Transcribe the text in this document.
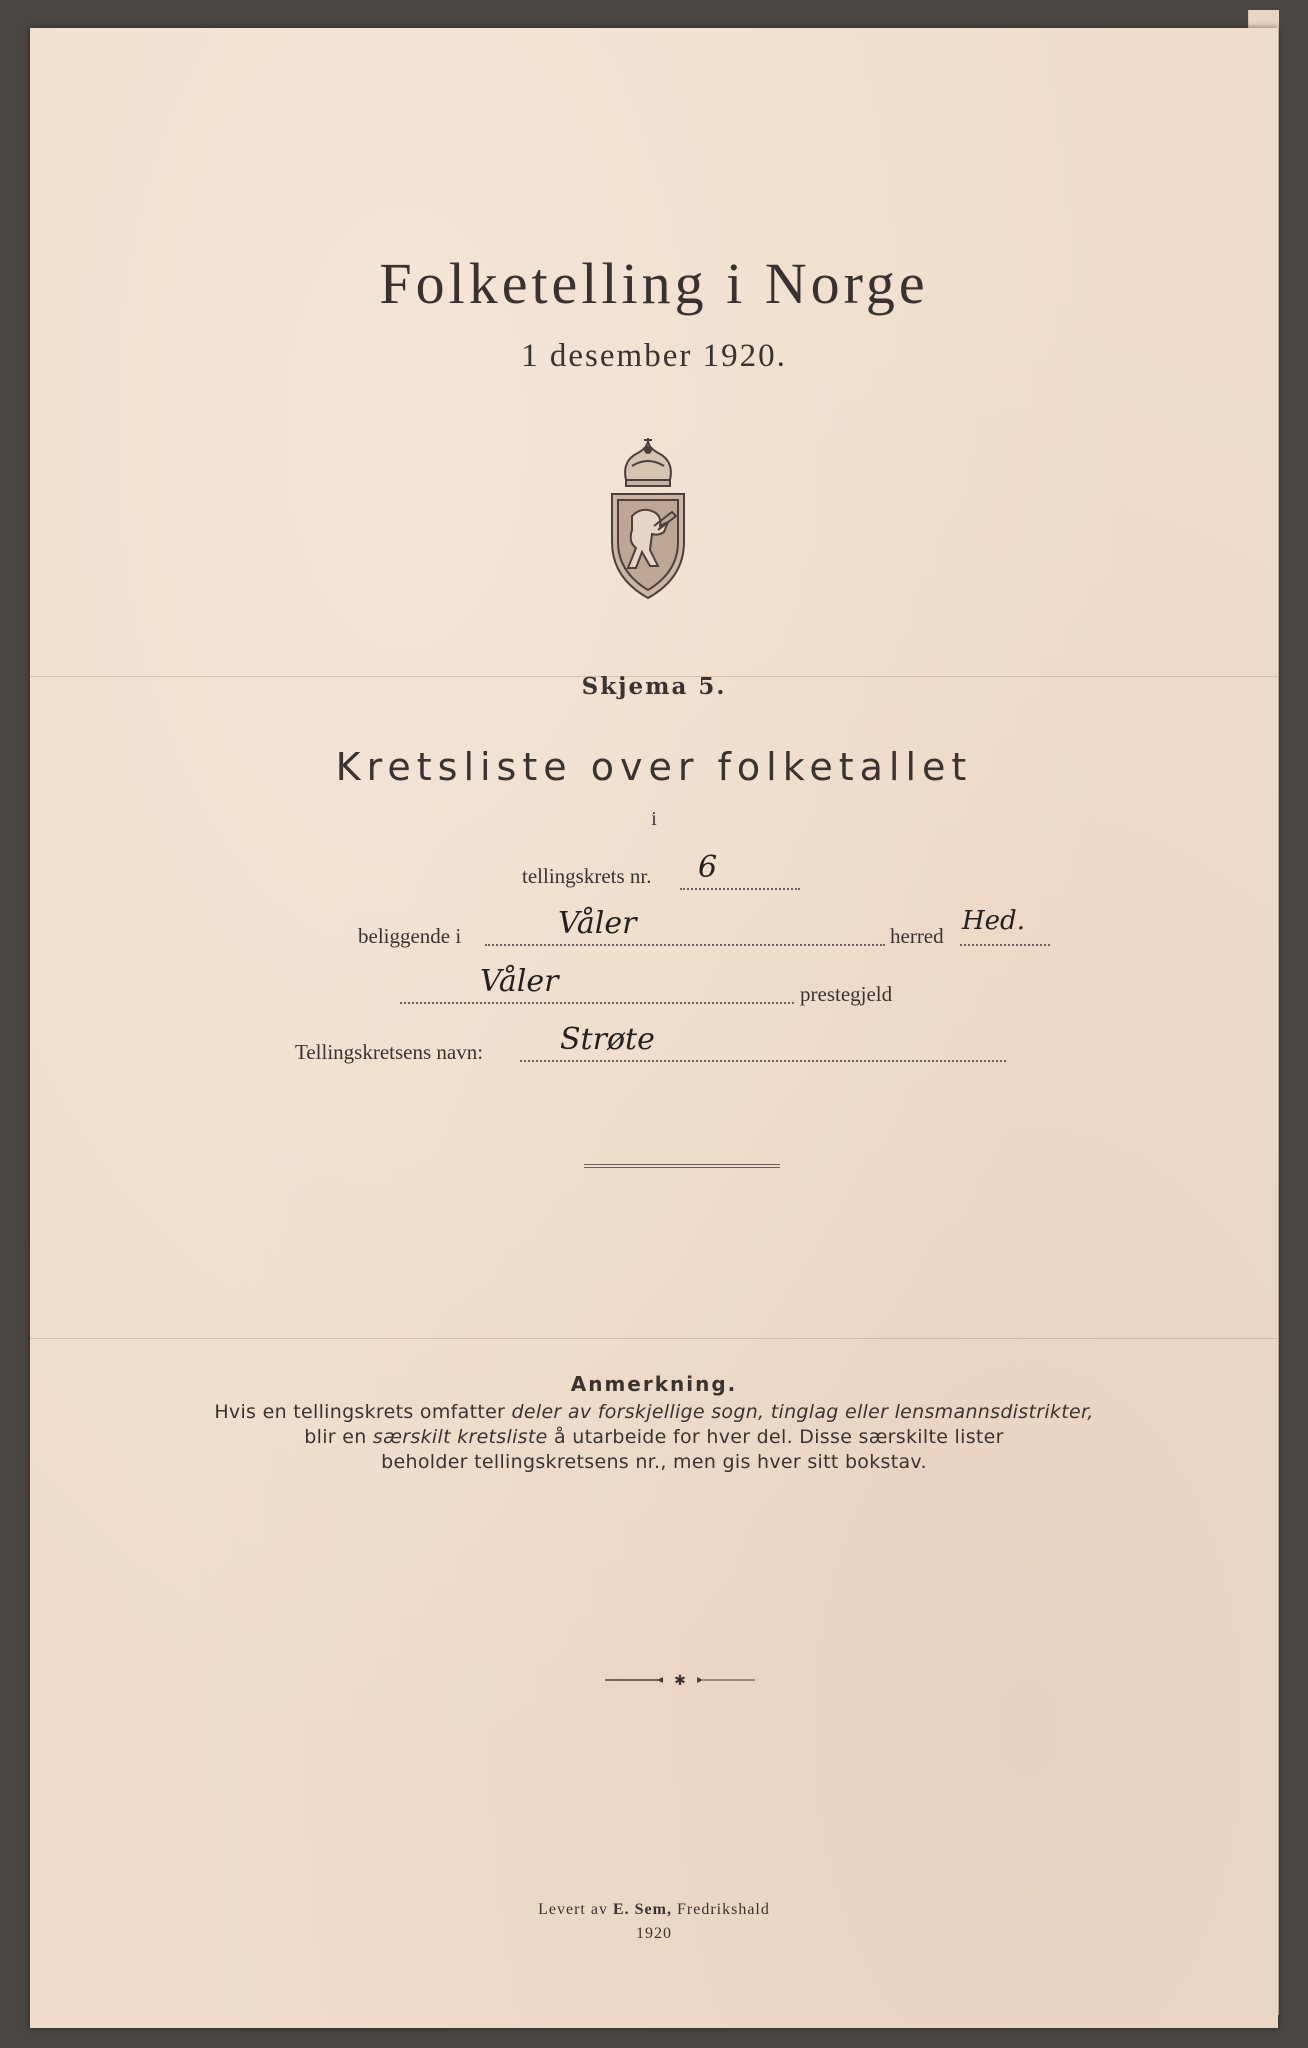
Folketelling i Norge
1 desember 1920.
Skjema 5.
Kretsliste over folketallet
i
tellingskrets nr. 6
beliggende i	Våler	herred Hed.
Våler	prestegjeld
Tellingskretsens navn:	Strøte
Anmerkning.
Hvis en tellingskrets omfatter deler av forskjellige sogn, tinglag eller lensmannsdistrikter,
blir en særskilt kretsliste å utarbeide for hver del. Disse særskilte lister
beholder tellingskretsens nr., men gis hver sitt bokstav.
✱
Levert av E. Sem, Fredrikshald
1920
